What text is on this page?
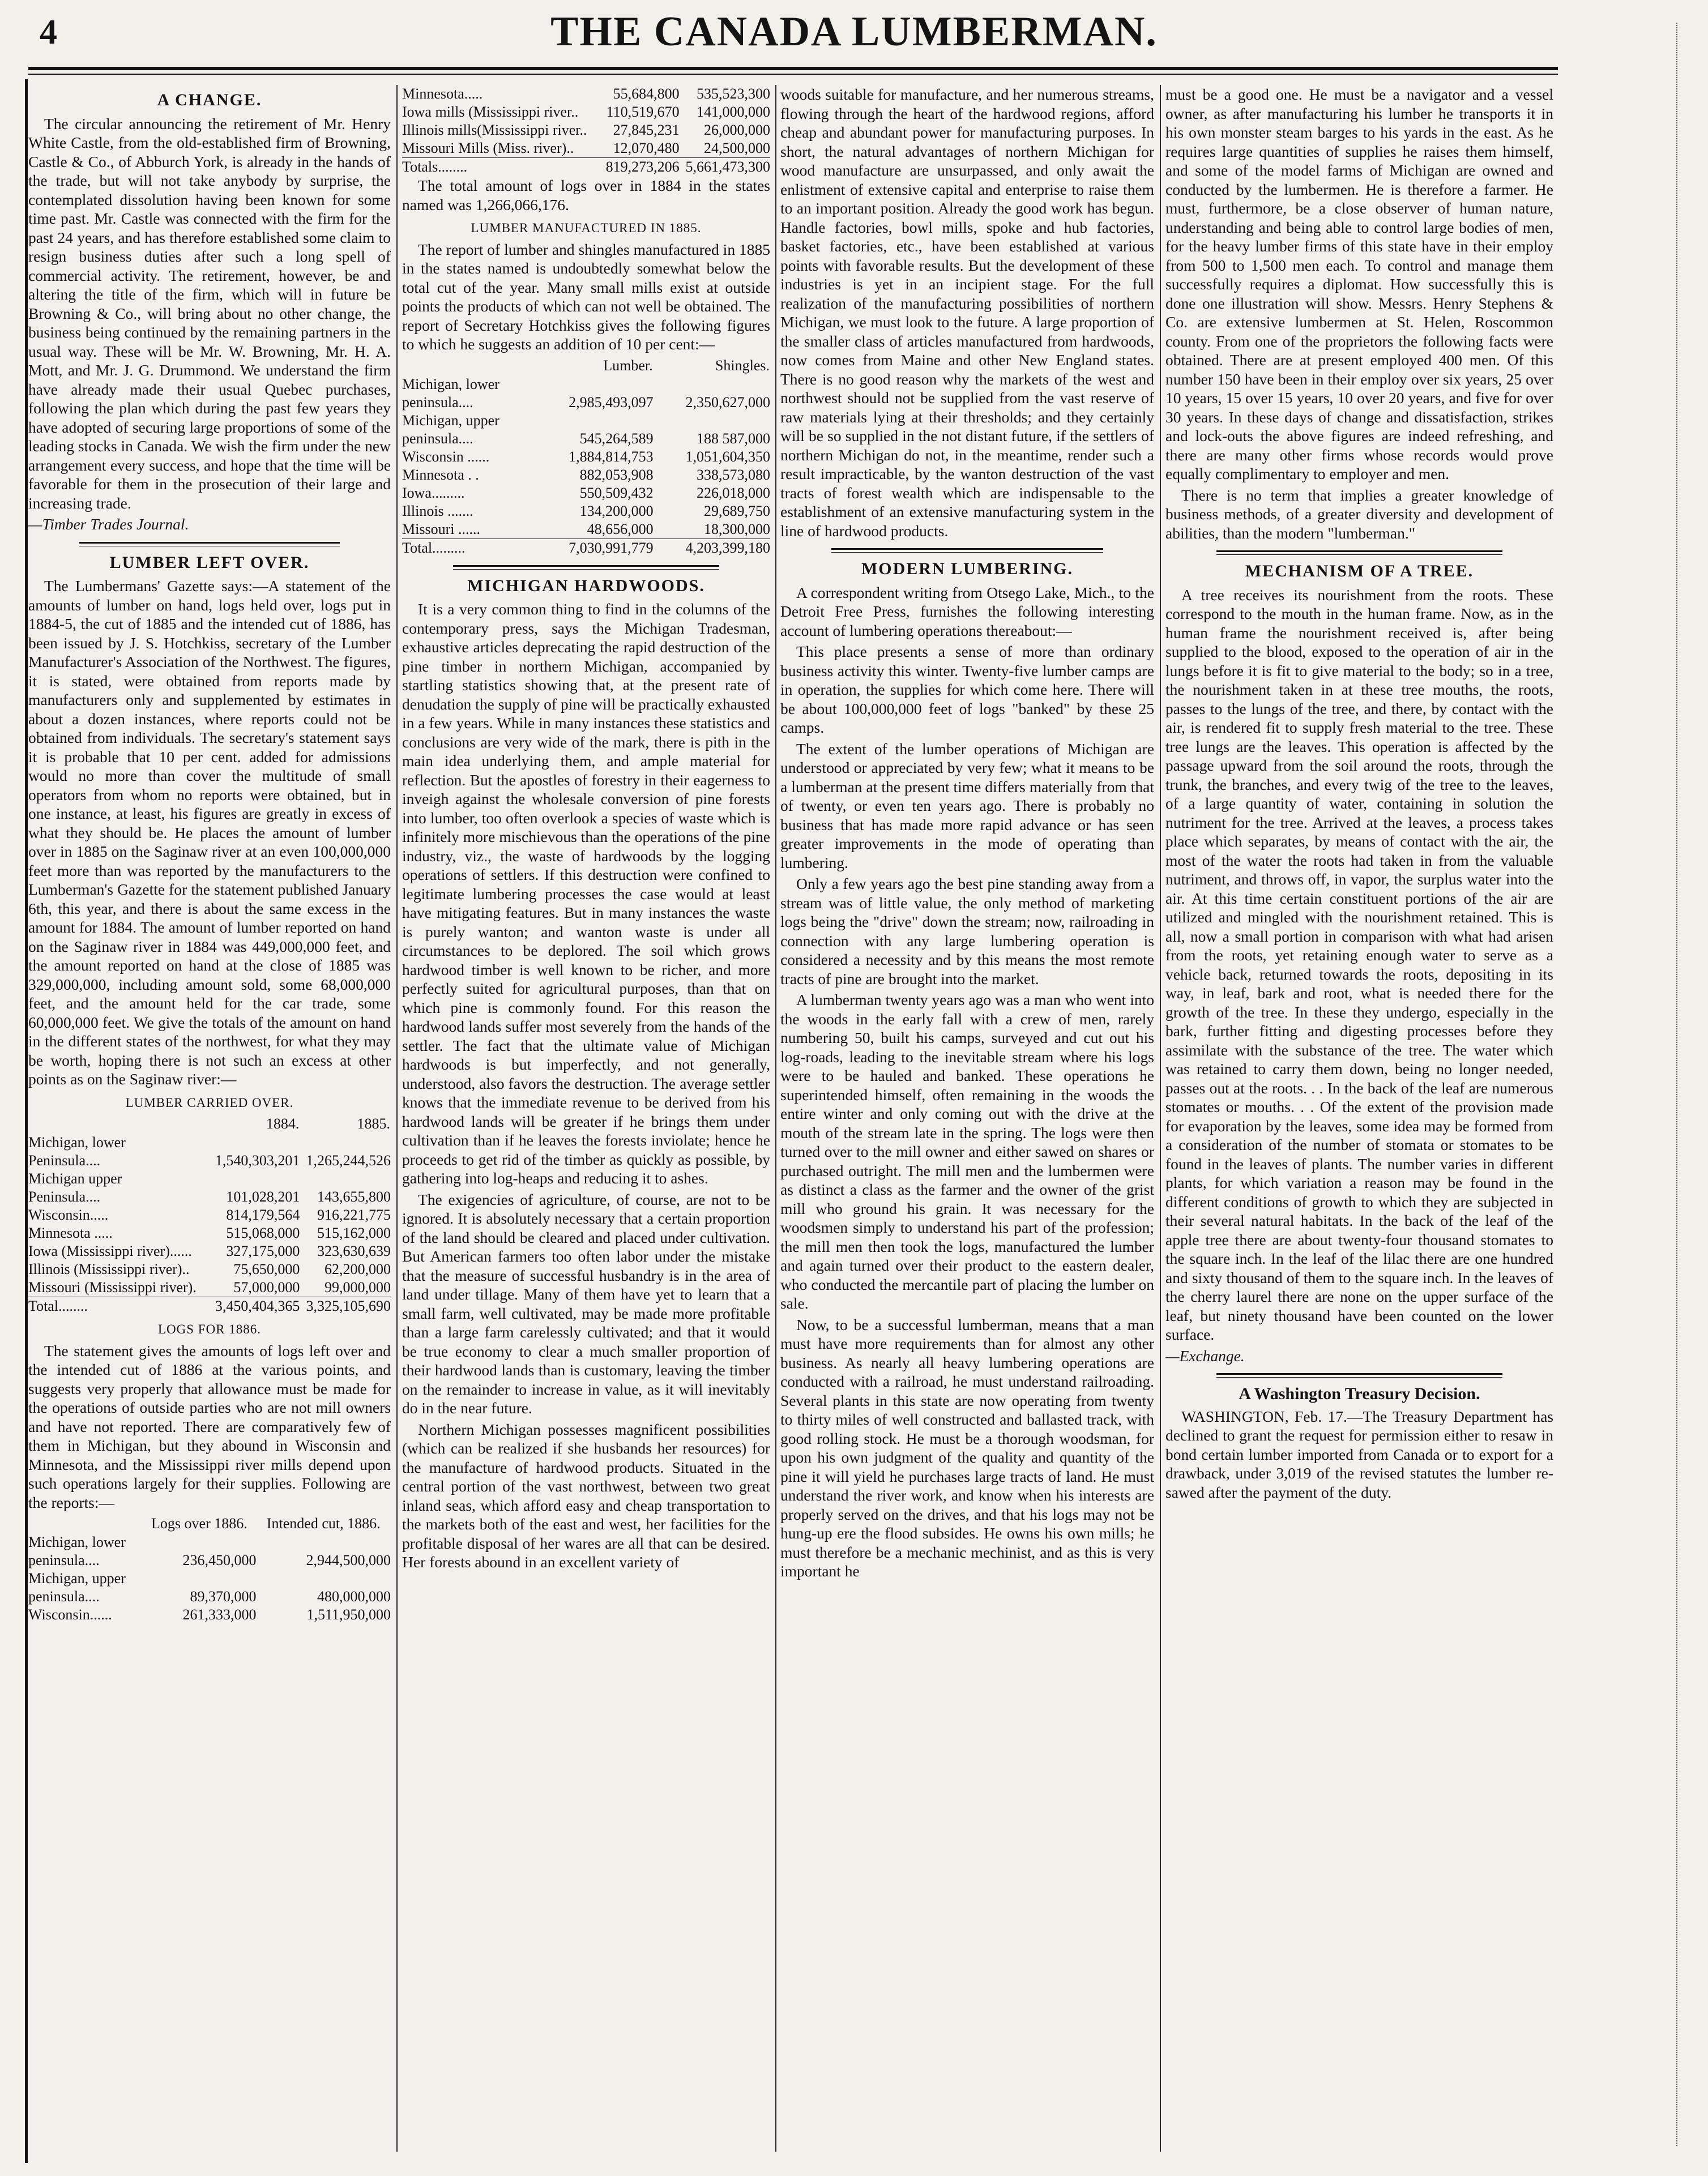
4	THE CANADA LUMBERMAN.
A CHANGE.

The circular announcing the retirement of Mr. Henry White Castle, from the old-established firm of Browning, Castle & Co., of Abburch York, is already in the hands of the trade, but will not take anybody by surprise, the contemplated dissolution having been known for some time past. Mr. Castle was connected with the firm for the past 24 years, and has therefore established some claim to resign business duties after such a long spell of commercial activity. The retirement, however, be and altering the title of the firm, which will in future be Browning & Co., will bring about no other change, the business being continued by the remaining partners in the usual way. These will be Mr. W. Browning, Mr. H. A. Mott, and Mr. J. G. Drummond. We understand the firm have already made their usual Quebec purchases, following the plan which during the past few years they have adopted of securing large proportions of some of the leading stocks in Canada. We wish the firm under the new arrangement every success, and hope that the time will be favorable for them in the prosecution of their large and increasing trade.

—Timber Trades Journal.

LUMBER LEFT OVER.

The Lumbermans' Gazette says:—A statement of the amounts of lumber on hand, logs held over, logs put in 1884-5, the cut of 1885 and the intended cut of 1886, has been issued by J. S. Hotchkiss, secretary of the Lumber Manufacturer's Association of the Northwest. The figures, it is stated, were obtained from reports made by manufacturers only and supplemented by estimates in about a dozen instances, where reports could not be obtained from individuals. The secretary's statement says it is probable that 10 per cent. added for admissions would no more than cover the multitude of small operators from whom no reports were obtained, but in one instance, at least, his figures are greatly in excess of what they should be. He places the amount of lumber over in 1885 on the Saginaw river at an even 100,000,000 feet more than was reported by the manufacturers to the Lumberman's Gazette for the statement published January 6th, this year, and there is about the same excess in the amount for 1884. The amount of lumber reported on hand on the Saginaw river in 1884 was 449,000,000 feet, and the amount reported on hand at the close of 1885 was 329,000,000, including amount sold, some 68,000,000 feet, and the amount held for the car trade, some 60,000,000 feet. We give the totals of the amount on hand in the different states of the northwest, for what they may be worth, hoping there is not such an excess at other points as on the Saginaw river:—

LUMBER CARRIED OVER.
	1884.	1885.
Michigan, lower		
Peninsula....	1,540,303,201	1,265,244,526
Michigan upper		
Peninsula....	101,028,201	143,655,800
Wisconsin.....	814,179,564	916,221,775
Minnesota .....	515,068,000	515,162,000
Iowa (Mississippi river)......	327,175,000	323,630,639
Illinois (Mississippi river)..	75,650,000	62,200,000
Missouri (Mississippi river).	57,000,000	99,000,000
Total........	3,450,404,365	3,325,105,690
LOGS FOR 1886.

The statement gives the amounts of logs left over and the intended cut of 1886 at the various points, and suggests very properly that allowance must be made for the operations of outside parties who are not mill owners and have not reported. There are comparatively few of them in Michigan, but they abound in Wisconsin and Minnesota, and the Mississippi river mills depend upon such operations largely for their supplies. Following are the reports:—

	Logs over 1886.	Intended cut, 1886.
Michigan, lower		
peninsula....	236,450,000	2,944,500,000
Michigan, upper		
peninsula....	89,370,000	480,000,000
Wisconsin......	261,333,000	1,511,950,000
Minnesota.....	55,684,800	535,523,300
Iowa mills (Mississippi river..	110,519,670	141,000,000
Illinois mills(Mississippi river..	27,845,231	26,000,000
Missouri Mills (Miss. river)..	12,070,480	24,500,000
Totals........	819,273,206	5,661,473,300

The total amount of logs over in 1884 in the states named was 1,266,066,176.

LUMBER MANUFACTURED IN 1885.

The report of lumber and shingles manufactured in 1885 in the states named is undoubtedly somewhat below the total cut of the year. Many small mills exist at outside points the products of which can not well be obtained. The report of Secretary Hotchkiss gives the following figures to which he suggests an addition of 10 per cent:—

	Lumber.	Shingles.
Michigan, lower		
peninsula....	2,985,493,097	2,350,627,000
Michigan, upper		
peninsula....	545,264,589	188 587,000
Wisconsin ......	1,884,814,753	1,051,604,350
Minnesota . .	882,053,908	338,573,080
Iowa.........	550,509,432	226,018,000
Illinois .......	134,200,000	29,689,750
Missouri ......	48,656,000	18,300,000
Total.........	7,030,991,779	4,203,399,180
MICHIGAN HARDWOODS.

It is a very common thing to find in the columns of the contemporary press, says the Michigan Tradesman, exhaustive articles deprecating the rapid destruction of the pine timber in northern Michigan, accompanied by startling statistics showing that, at the present rate of denudation the supply of pine will be practically exhausted in a few years. While in many instances these statistics and conclusions are very wide of the mark, there is pith in the main idea underlying them, and ample material for reflection. But the apostles of forestry in their eagerness to inveigh against the wholesale conversion of pine forests into lumber, too often overlook a species of waste which is infinitely more mischievous than the operations of the pine industry, viz., the waste of hardwoods by the logging operations of settlers. If this destruction were confined to legitimate lumbering processes the case would at least have mitigating features. But in many instances the waste is purely wanton; and wanton waste is under all circumstances to be deplored. The soil which grows hardwood timber is well known to be richer, and more perfectly suited for agricultural purposes, than that on which pine is commonly found. For this reason the hardwood lands suffer most severely from the hands of the settler. The fact that the ultimate value of Michigan hardwoods is but imperfectly, and not generally, understood, also favors the destruction. The average settler knows that the immediate revenue to be derived from his hardwood lands will be greater if he brings them under cultivation than if he leaves the forests inviolate; hence he proceeds to get rid of the timber as quickly as possible, by gathering into log-heaps and reducing it to ashes.

The exigencies of agriculture, of course, are not to be ignored. It is absolutely necessary that a certain proportion of the land should be cleared and placed under cultivation. But American farmers too often labor under the mistake that the measure of successful husbandry is in the area of land under tillage. Many of them have yet to learn that a small farm, well cultivated, may be made more profitable than a large farm carelessly cultivated; and that it would be true economy to clear a much smaller proportion of their hardwood lands than is customary, leaving the timber on the remainder to increase in value, as it will inevitably do in the near future.

Northern Michigan possesses magnificent possibilities (which can be realized if she husbands her resources) for the manufacture of hardwood products. Situated in the central portion of the vast northwest, between two great inland seas, which afford easy and cheap transportation to the markets both of the east and west, her facilities for the profitable disposal of her wares are all that can be desired. Her forests abound in an excellent variety of

woods suitable for manufacture, and her numerous streams, flowing through the heart of the hardwood regions, afford cheap and abundant power for manufacturing purposes. In short, the natural advantages of northern Michigan for wood manufacture are unsurpassed, and only await the enlistment of extensive capital and enterprise to raise them to an important position. Already the good work has begun. Handle factories, bowl mills, spoke and hub factories, basket factories, etc., have been established at various points with favorable results. But the development of these industries is yet in an incipient stage. For the full realization of the manufacturing possibilities of northern Michigan, we must look to the future. A large proportion of the smaller class of articles manufactured from hardwoods, now comes from Maine and other New England states. There is no good reason why the markets of the west and northwest should not be supplied from the vast reserve of raw materials lying at their thresholds; and they certainly will be so supplied in the not distant future, if the settlers of northern Michigan do not, in the meantime, render such a result impracticable, by the wanton destruction of the vast tracts of forest wealth which are indispensable to the establishment of an extensive manufacturing system in the line of hardwood products.

MODERN LUMBERING.

A correspondent writing from Otsego Lake, Mich., to the Detroit Free Press, furnishes the following interesting account of lumbering operations thereabout:—

This place presents a sense of more than ordinary business activity this winter. Twenty-five lumber camps are in operation, the supplies for which come here. There will be about 100,000,000 feet of logs "banked" by these 25 camps.

The extent of the lumber operations of Michigan are understood or appreciated by very few; what it means to be a lumberman at the present time differs materially from that of twenty, or even ten years ago. There is probably no business that has made more rapid advance or has seen greater improvements in the mode of operating than lumbering.

Only a few years ago the best pine standing away from a stream was of little value, the only method of marketing logs being the "drive" down the stream; now, railroading in connection with any large lumbering operation is considered a necessity and by this means the most remote tracts of pine are brought into the market.

A lumberman twenty years ago was a man who went into the woods in the early fall with a crew of men, rarely numbering 50, built his camps, surveyed and cut out his log-roads, leading to the inevitable stream where his logs were to be hauled and banked. These operations he superintended himself, often remaining in the woods the entire winter and only coming out with the drive at the mouth of the stream late in the spring. The logs were then turned over to the mill owner and either sawed on shares or purchased outright. The mill men and the lumbermen were as distinct a class as the farmer and the owner of the grist mill who ground his grain. It was necessary for the woodsmen simply to understand his part of the profession; the mill men then took the logs, manufactured the lumber and again turned over their product to the eastern dealer, who conducted the mercantile part of placing the lumber on sale.

Now, to be a successful lumberman, means that a man must have more requirements than for almost any other business. As nearly all heavy lumbering operations are conducted with a railroad, he must understand railroading. Several plants in this state are now operating from twenty to thirty miles of well constructed and ballasted track, with good rolling stock. He must be a thorough woodsman, for upon his own judgment of the quality and quantity of the pine it will yield he purchases large tracts of land. He must understand the river work, and know when his interests are properly served on the drives, and that his logs may not be hung-up ere the flood subsides. He owns his own mills; he must therefore be a mechanic mechinist, and as this is very important he

must be a good one. He must be a navigator and a vessel owner, as after manufacturing his lumber he transports it in his own monster steam barges to his yards in the east. As he requires large quantities of supplies he raises them himself, and some of the model farms of Michigan are owned and conducted by the lumbermen. He is therefore a farmer. He must, furthermore, be a close observer of human nature, understanding and being able to control large bodies of men, for the heavy lumber firms of this state have in their employ from 500 to 1,500 men each. To control and manage them successfully requires a diplomat. How successfully this is done one illustration will show. Messrs. Henry Stephens & Co. are extensive lumbermen at St. Helen, Roscommon county. From one of the proprietors the following facts were obtained. There are at present employed 400 men. Of this number 150 have been in their employ over six years, 25 over 10 years, 15 over 15 years, 10 over 20 years, and five for over 30 years. In these days of change and dissatisfaction, strikes and lock-outs the above figures are indeed refreshing, and there are many other firms whose records would prove equally complimentary to employer and men.

There is no term that implies a greater knowledge of business methods, of a greater diversity and development of abilities, than the modern "lumberman."

MECHANISM OF A TREE.

A tree receives its nourishment from the roots. These correspond to the mouth in the human frame. Now, as in the human frame the nourishment received is, after being supplied to the blood, exposed to the operation of air in the lungs before it is fit to give material to the body; so in a tree, the nourishment taken in at these tree mouths, the roots, passes to the lungs of the tree, and there, by contact with the air, is rendered fit to supply fresh material to the tree. These tree lungs are the leaves. This operation is affected by the passage upward from the soil around the roots, through the trunk, the branches, and every twig of the tree to the leaves, of a large quantity of water, containing in solution the nutriment for the tree. Arrived at the leaves, a process takes place which separates, by means of contact with the air, the most of the water the roots had taken in from the valuable nutriment, and throws off, in vapor, the surplus water into the air. At this time certain constituent portions of the air are utilized and mingled with the nourishment retained. This is all, now a small portion in comparison with what had arisen from the roots, yet retaining enough water to serve as a vehicle back, returned towards the roots, depositing in its way, in leaf, bark and root, what is needed there for the growth of the tree. In these they undergo, especially in the bark, further fitting and digesting processes before they assimilate with the substance of the tree. The water which was retained to carry them down, being no longer needed, passes out at the roots. . . In the back of the leaf are numerous stomates or mouths. . . Of the extent of the provision made for evaporation by the leaves, some idea may be formed from a consideration of the number of stomata or stomates to be found in the leaves of plants. The number varies in different plants, for which variation a reason may be found in the different conditions of growth to which they are subjected in their several natural habitats. In the back of the leaf of the apple tree there are about twenty-four thousand stomates to the square inch. In the leaf of the lilac there are one hundred and sixty thousand of them to the square inch. In the leaves of the cherry laurel there are none on the upper surface of the leaf, but ninety thousand have been counted on the lower surface.

—Exchange.

A Washington Treasury Decision.

WASHINGTON, Feb. 17.—The Treasury Department has declined to grant the request for permission either to resaw in bond certain lumber imported from Canada or to export for a drawback, under 3,019 of the revised statutes the lumber re-sawed after the payment of the duty.
